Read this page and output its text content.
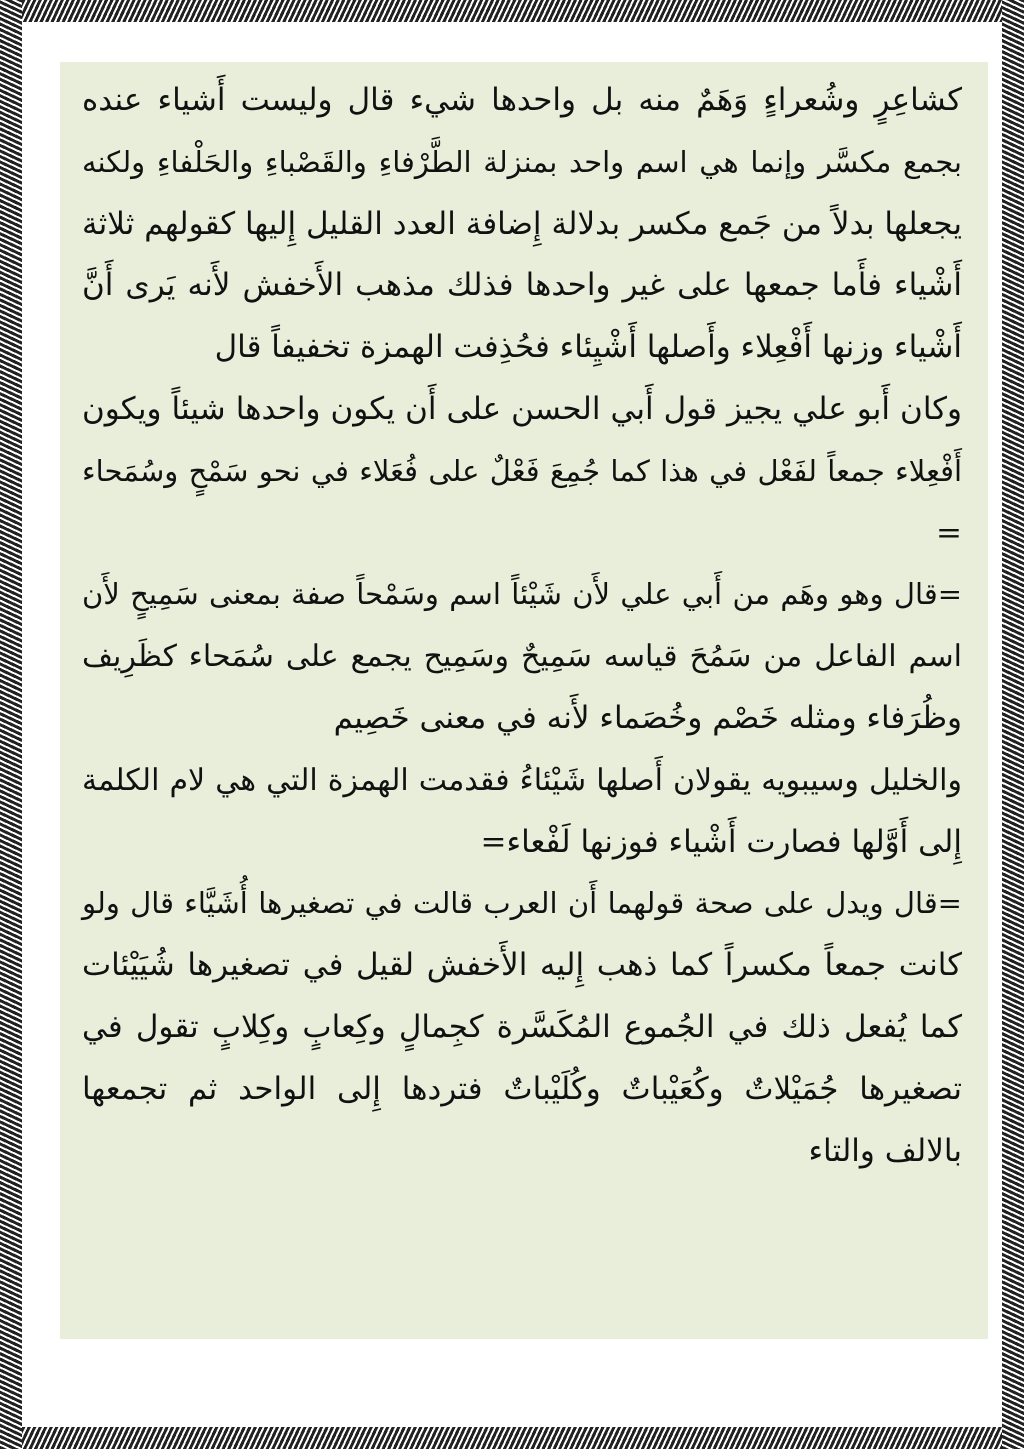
كشاعِرٍ وشُعراءٍ وَهَمٌ منه بل واحدها شيء قال وليست أَشياء عنده
بجمع مكسَّر وإنما هي اسم واحد بمنزلة الطَّرْفاءِ والقَصْباءِ والحَلْفاءِ ولكنه
يجعلها بدلاً من جَمع مكسر بدلالة إِضافة العدد القليل إِليها كقولهم ثلاثة
أَشْياء فأَما جمعها على غير واحدها فذلك مذهب الأَخفش لأَنه يَرى أَنَّ
أَشْياء وزنها أَفْعِلاء وأَصلها أَشْيِئاء فحُذِفت الهمزة تخفيفاً قال
وكان أَبو علي يجيز قول أَبي الحسن على أَن يكون واحدها شيئاً ويكون
أَفْعِلاء جمعاً لفَعْل في هذا كما جُمِعَ فَعْلٌ على فُعَلاء في نحو سَمْحٍ وسُمَحاء
=
=قال وهو وهَم من أَبي علي لأَن شَيْئاً اسم وسَمْحاً صفة بمعنى سَمِيحٍ لأَن
اسم الفاعل من سَمُحَ قياسه سَمِيحٌ وسَمِيح يجمع على سُمَحاء كظَرِيف
وظُرَفاء ومثله خَصْم وخُصَماء لأَنه في معنى خَصِيم
والخليل وسيبويه يقولان أَصلها شَيْئاءُ فقدمت الهمزة التي هي لام الكلمة
إِلى أَوَّلها فصارت أَشْياء فوزنها لَفْعاء=
=قال ويدل على صحة قولهما أَن العرب قالت في تصغيرها أُشَيَّاء قال ولو
كانت جمعاً مكسراً كما ذهب إِليه الأَخفش لقيل في تصغيرها شُيَيْئات
كما يُفعل ذلك في الجُموع المُكَسَّرة كجِمالٍ وكِعابٍ وكِلابٍ تقول في
تصغيرها جُمَيْلاتٌ وكُعَيْباتٌ وكُلَيْباتٌ فتردها إِلى الواحد ثم تجمعها
بالالف والتاء
